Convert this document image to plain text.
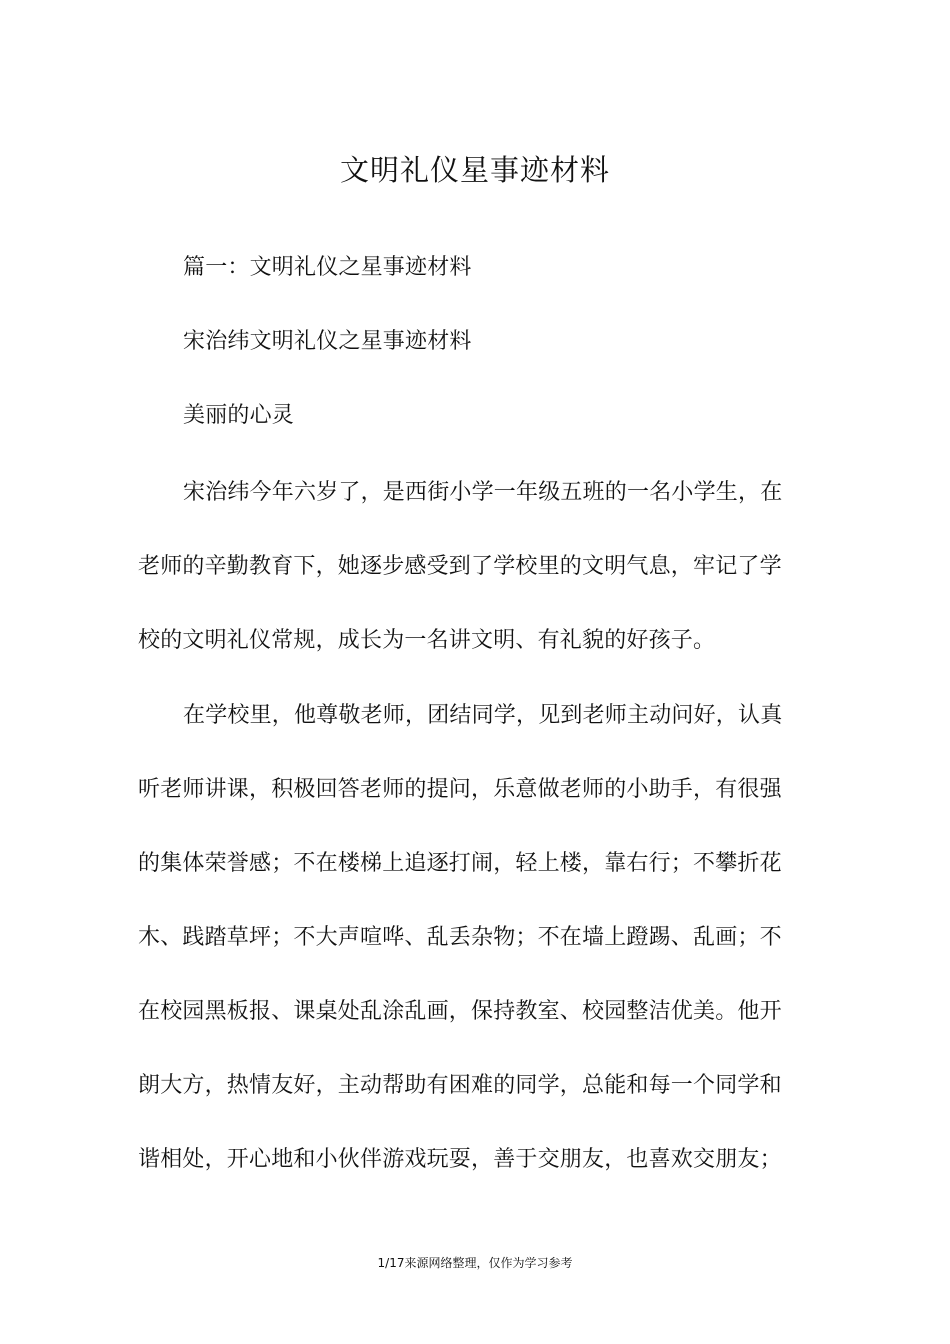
文明礼仪星事迹材料
篇一：文明礼仪之星事迹材料
宋治纬文明礼仪之星事迹材料
美丽的心灵
宋治纬今年六岁了，是西街小学一年级五班的一名小学生，在
老师的辛勤教育下，她逐步感受到了学校里的文明气息，牢记了学
校的文明礼仪常规，成长为一名讲文明、有礼貌的好孩子。
在学校里，他尊敬老师，团结同学，见到老师主动问好，认真
听老师讲课，积极回答老师的提问，乐意做老师的小助手，有很强
的集体荣誉感；不在楼梯上追逐打闹，轻上楼，靠右行；不攀折花
木、践踏草坪；不大声喧哗、乱丢杂物；不在墙上蹬踢、乱画；不
在校园黑板报、课桌处乱涂乱画，保持教室、校园整洁优美。他开
朗大方，热情友好，主动帮助有困难的同学，总能和每一个同学和
谐相处，开心地和小伙伴游戏玩耍，善于交朋友，也喜欢交朋友；
1/17来源网络整理，仅作为学习参考
